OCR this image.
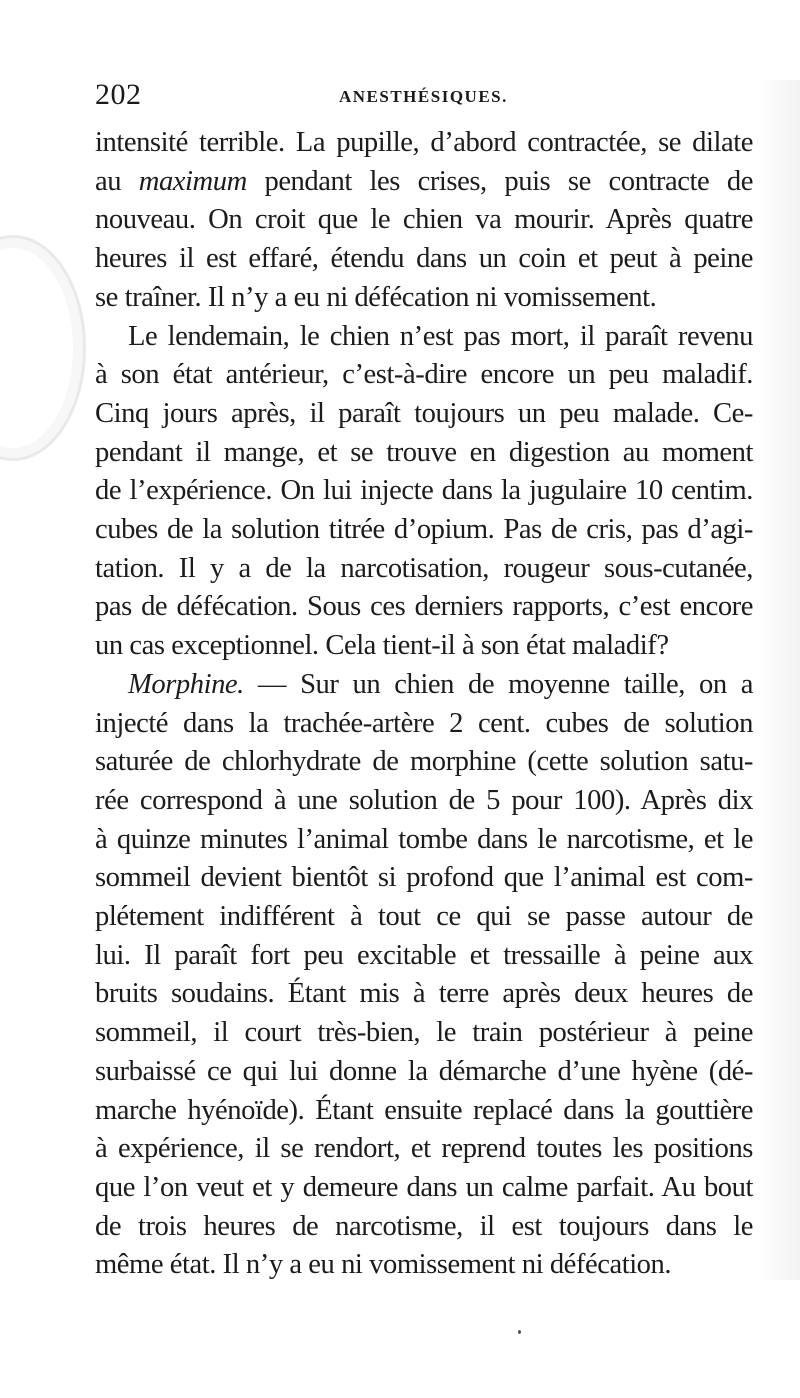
202	ANESTHÉSIQUES.
intensité terrible. La pupille, d’abord contractée, se dilate
au maximum pendant les crises, puis se contracte de
nouveau. On croit que le chien va mourir. Après quatre
heures il est effaré, étendu dans un coin et peut à peine
se traîner. Il n’y a eu ni défécation ni vomissement.
Le lendemain, le chien n’est pas mort, il paraît revenu
à son état antérieur, c’est-à-dire encore un peu maladif.
Cinq jours après, il paraît toujours un peu malade. Ce-
pendant il mange, et se trouve en digestion au moment
de l’expérience. On lui injecte dans la jugulaire 10 centim.
cubes de la solution titrée d’opium. Pas de cris, pas d’agi-
tation. Il y a de la narcotisation, rougeur sous-cutanée,
pas de défécation. Sous ces derniers rapports, c’est encore
un cas exceptionnel. Cela tient-il à son état maladif?
Morphine. — Sur un chien de moyenne taille, on a
injecté dans la trachée-artère 2 cent. cubes de solution
saturée de chlorhydrate de morphine (cette solution satu-
rée correspond à une solution de 5 pour 100). Après dix
à quinze minutes l’animal tombe dans le narcotisme, et le
sommeil devient bientôt si profond que l’animal est com-
plétement indifférent à tout ce qui se passe autour de
lui. Il paraît fort peu excitable et tressaille à peine aux
bruits soudains. Étant mis à terre après deux heures de
sommeil, il court très-bien, le train postérieur à peine
surbaissé ce qui lui donne la démarche d’une hyène (dé-
marche hyénoïde). Étant ensuite replacé dans la gouttière
à expérience, il se rendort, et reprend toutes les positions
que l’on veut et y demeure dans un calme parfait. Au bout
de trois heures de narcotisme, il est toujours dans le
même état. Il n’y a eu ni vomissement ni défécation.
